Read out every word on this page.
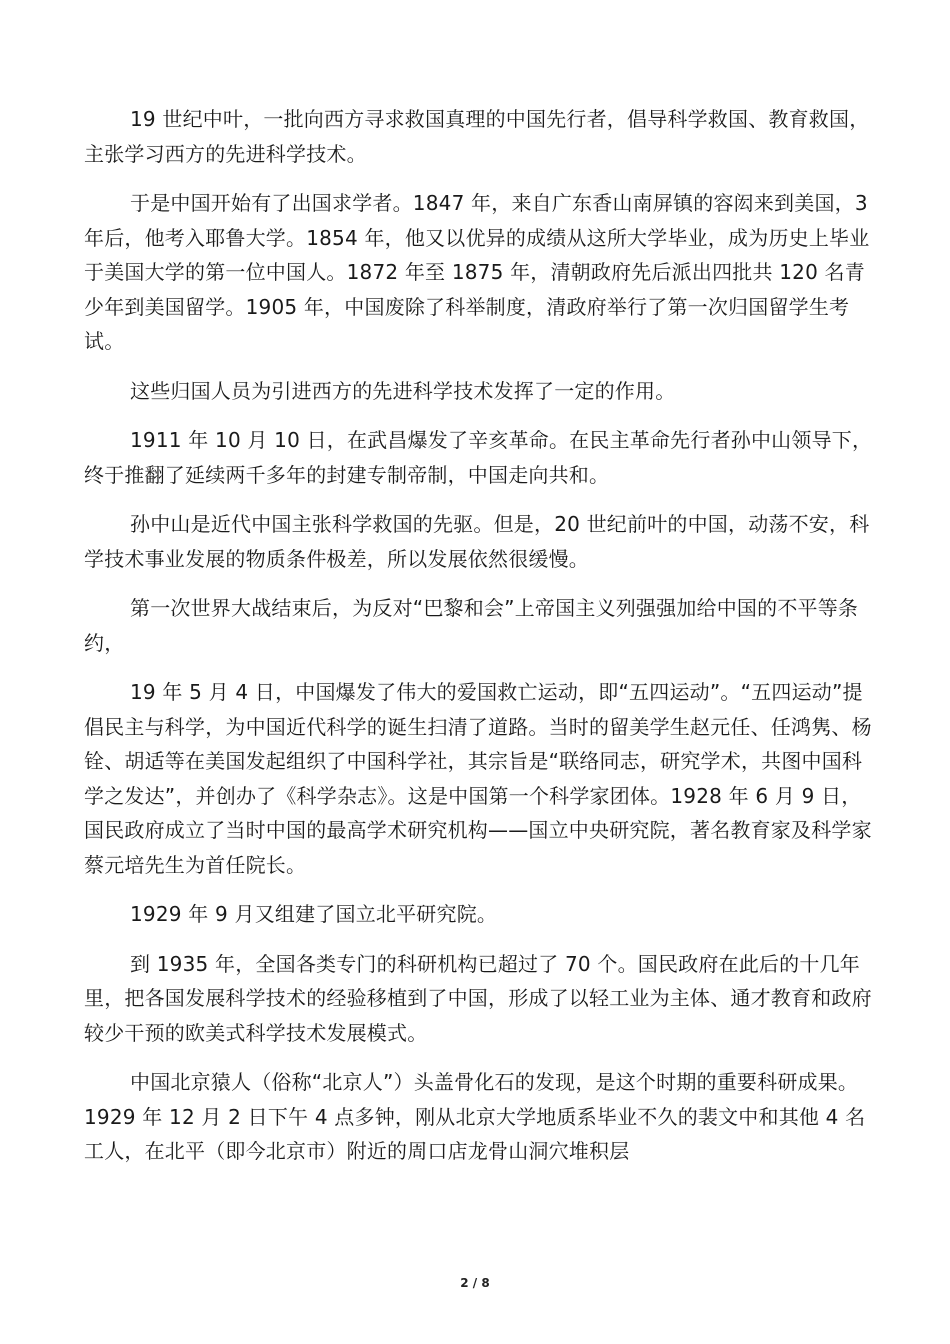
19 世纪中叶，一批向西方寻求救国真理的中国先行者，倡导科学救国、教育救国，主张学习西方的先进科学技术。

于是中国开始有了出国求学者。1847 年，来自广东香山南屏镇的容闳来到美国，3 年后，他考入耶鲁大学。1854 年，他又以优异的成绩从这所大学毕业，成为历史上毕业于美国大学的第一位中国人。1872 年至 1875 年，清朝政府先后派出四批共 120 名青少年到美国留学。1905 年，中国废除了科举制度，清政府举行了第一次归国留学生考试。

这些归国人员为引进西方的先进科学技术发挥了一定的作用。

1911 年 10 月 10 日，在武昌爆发了辛亥革命。在民主革命先行者孙中山领导下，终于推翻了延续两千多年的封建专制帝制，中国走向共和。

孙中山是近代中国主张科学救国的先驱。但是，20 世纪前叶的中国，动荡不安，科学技术事业发展的物质条件极差，所以发展依然很缓慢。

第一次世界大战结束后，为反对“巴黎和会”上帝国主义列强强加给中国的不平等条约，

19 年 5 月 4 日，中国爆发了伟大的爱国救亡运动，即“五四运动”。“五四运动”提倡民主与科学，为中国近代科学的诞生扫清了道路。当时的留美学生赵元任、任鸿隽、杨铨、胡适等在美国发起组织了中国科学社，其宗旨是“联络同志，研究学术，共图中国科学之发达”，并创办了《科学杂志》。这是中国第一个科学家团体。1928 年 6 月 9 日，国民政府成立了当时中国的最高学术研究机构——国立中央研究院，著名教育家及科学家蔡元培先生为首任院长。

1929 年 9 月又组建了国立北平研究院。

到 1935 年，全国各类专门的科研机构已超过了 70 个。国民政府在此后的十几年里，把各国发展科学技术的经验移植到了中国，形成了以轻工业为主体、通才教育和政府较少干预的欧美式科学技术发展模式。

中国北京猿人（俗称“北京人”）头盖骨化石的发现，是这个时期的重要科研成果。1929 年 12 月 2 日下午 4 点多钟，刚从北京大学地质系毕业不久的裴文中和其他 4 名工人，在北平（即今北京市）附近的周口店龙骨山洞穴堆积层

2 / 8
